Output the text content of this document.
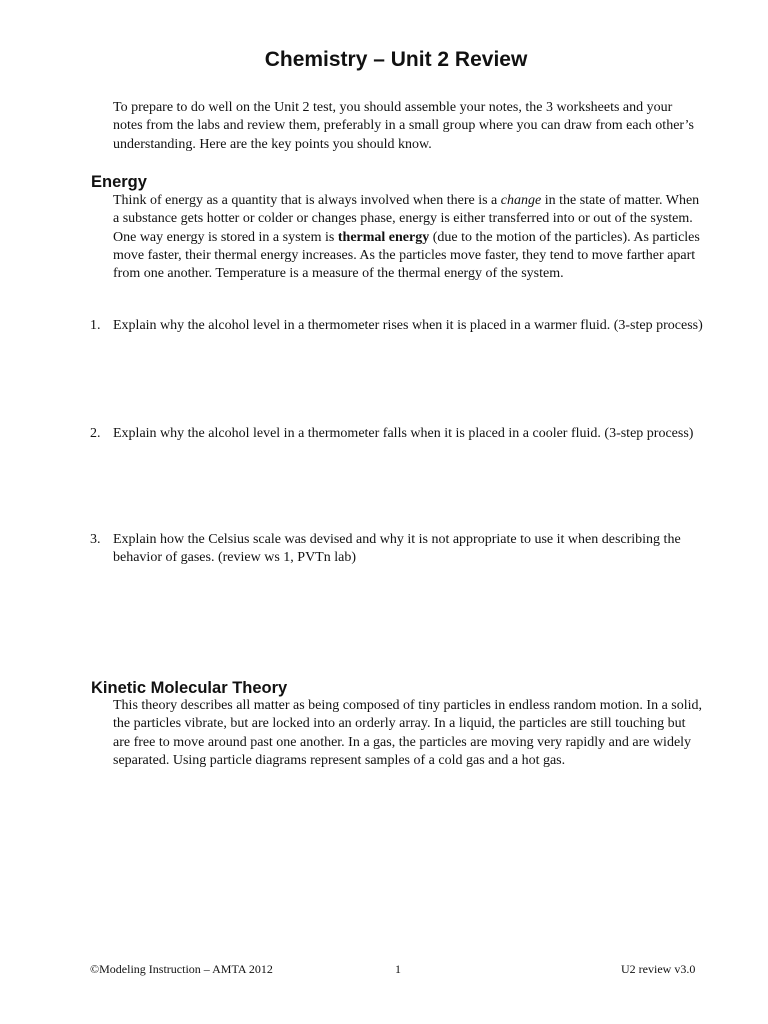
Chemistry – Unit 2 Review
To prepare to do well on the Unit 2 test, you should assemble your notes, the 3 worksheets and your notes from the labs and review them, preferably in a small group where you can draw from each other’s understanding. Here are the key points you should know.
Energy
Think of energy as a quantity that is always involved when there is a change in the state of matter. When a substance gets hotter or colder or changes phase, energy is either transferred into or out of the system. One way energy is stored in a system is thermal energy (due to the motion of the particles). As particles move faster, their thermal energy increases. As the particles move faster, they tend to move farther apart from one another. Temperature is a measure of the thermal energy of the system.
1. Explain why the alcohol level in a thermometer rises when it is placed in a warmer fluid. (3-step process)
2. Explain why the alcohol level in a thermometer falls when it is placed in a cooler fluid. (3-step process)
3. Explain how the Celsius scale was devised and why it is not appropriate to use it when describing the behavior of gases. (review ws 1, PVTn lab)
Kinetic Molecular Theory
This theory describes all matter as being composed of tiny particles in endless random motion. In a solid, the particles vibrate, but are locked into an orderly array. In a liquid, the particles are still touching but are free to move around past one another. In a gas, the particles are moving very rapidly and are widely separated. Using particle diagrams represent samples of a cold gas and a hot gas.
©Modeling Instruction – AMTA 2012	1	U2 review v3.0
